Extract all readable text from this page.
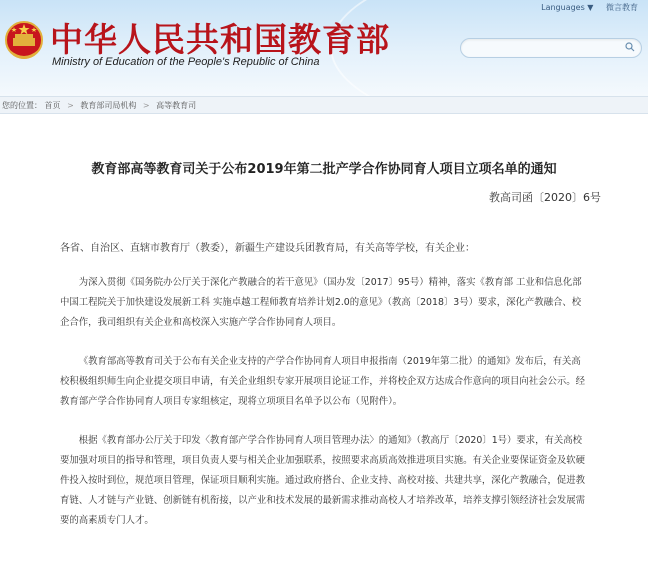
中华人民共和国教育部
Ministry of Education of the People's Republic of China
Languages ▼ 微言教育
您的位置： 首页 > 教育部司局机构 > 高等教育司
教育部高等教育司关于公布2019年第二批产学合作协同育人项目立项名单的通知
教高司函〔2020〕6号
各省、自治区、直辖市教育厅（教委），新疆生产建设兵团教育局，有关高等学校，有关企业：
为深入贯彻《国务院办公厅关于深化产教融合的若干意见》（国办发〔2017〕95号）精神，落实《教育部 工业和信息化部 中国工程院关于加快建设发展新工科 实施卓越工程师教育培养计划2.0的意见》（教高〔2018〕3号）要求，深化产教融合、校企合作，我司组织有关企业和高校深入实施产学合作协同育人项目。
《教育部高等教育司关于公布有关企业支持的产学合作协同育人项目申报指南（2019年第二批）的通知》发布后，有关高校积极组织师生向企业提交项目申请，有关企业组织专家开展项目论证工作，并将校企双方达成合作意向的项目向社会公示。经教育部产学合作协同育人项目专家组核定，现将立项项目名单予以公布（见附件）。
根据《教育部办公厅关于印发〈教育部产学合作协同育人项目管理办法〉的通知》（教高厅〔2020〕1号）要求，有关高校要加强对项目的指导和管理，项目负责人要与相关企业加强联系，按照要求高质高效推进项目实施。有关企业要保证资金及软硬件投入按时到位，规范项目管理，保证项目顺利实施。通过政府搭台、企业支持、高校对接、共建共享，深化产教融合，促进教育链、人才链与产业链、创新链有机衔接，以产业和技术发展的最新需求推动高校人才培养改革，培养支撑引领经济社会发展需要的高素质专门人才。
